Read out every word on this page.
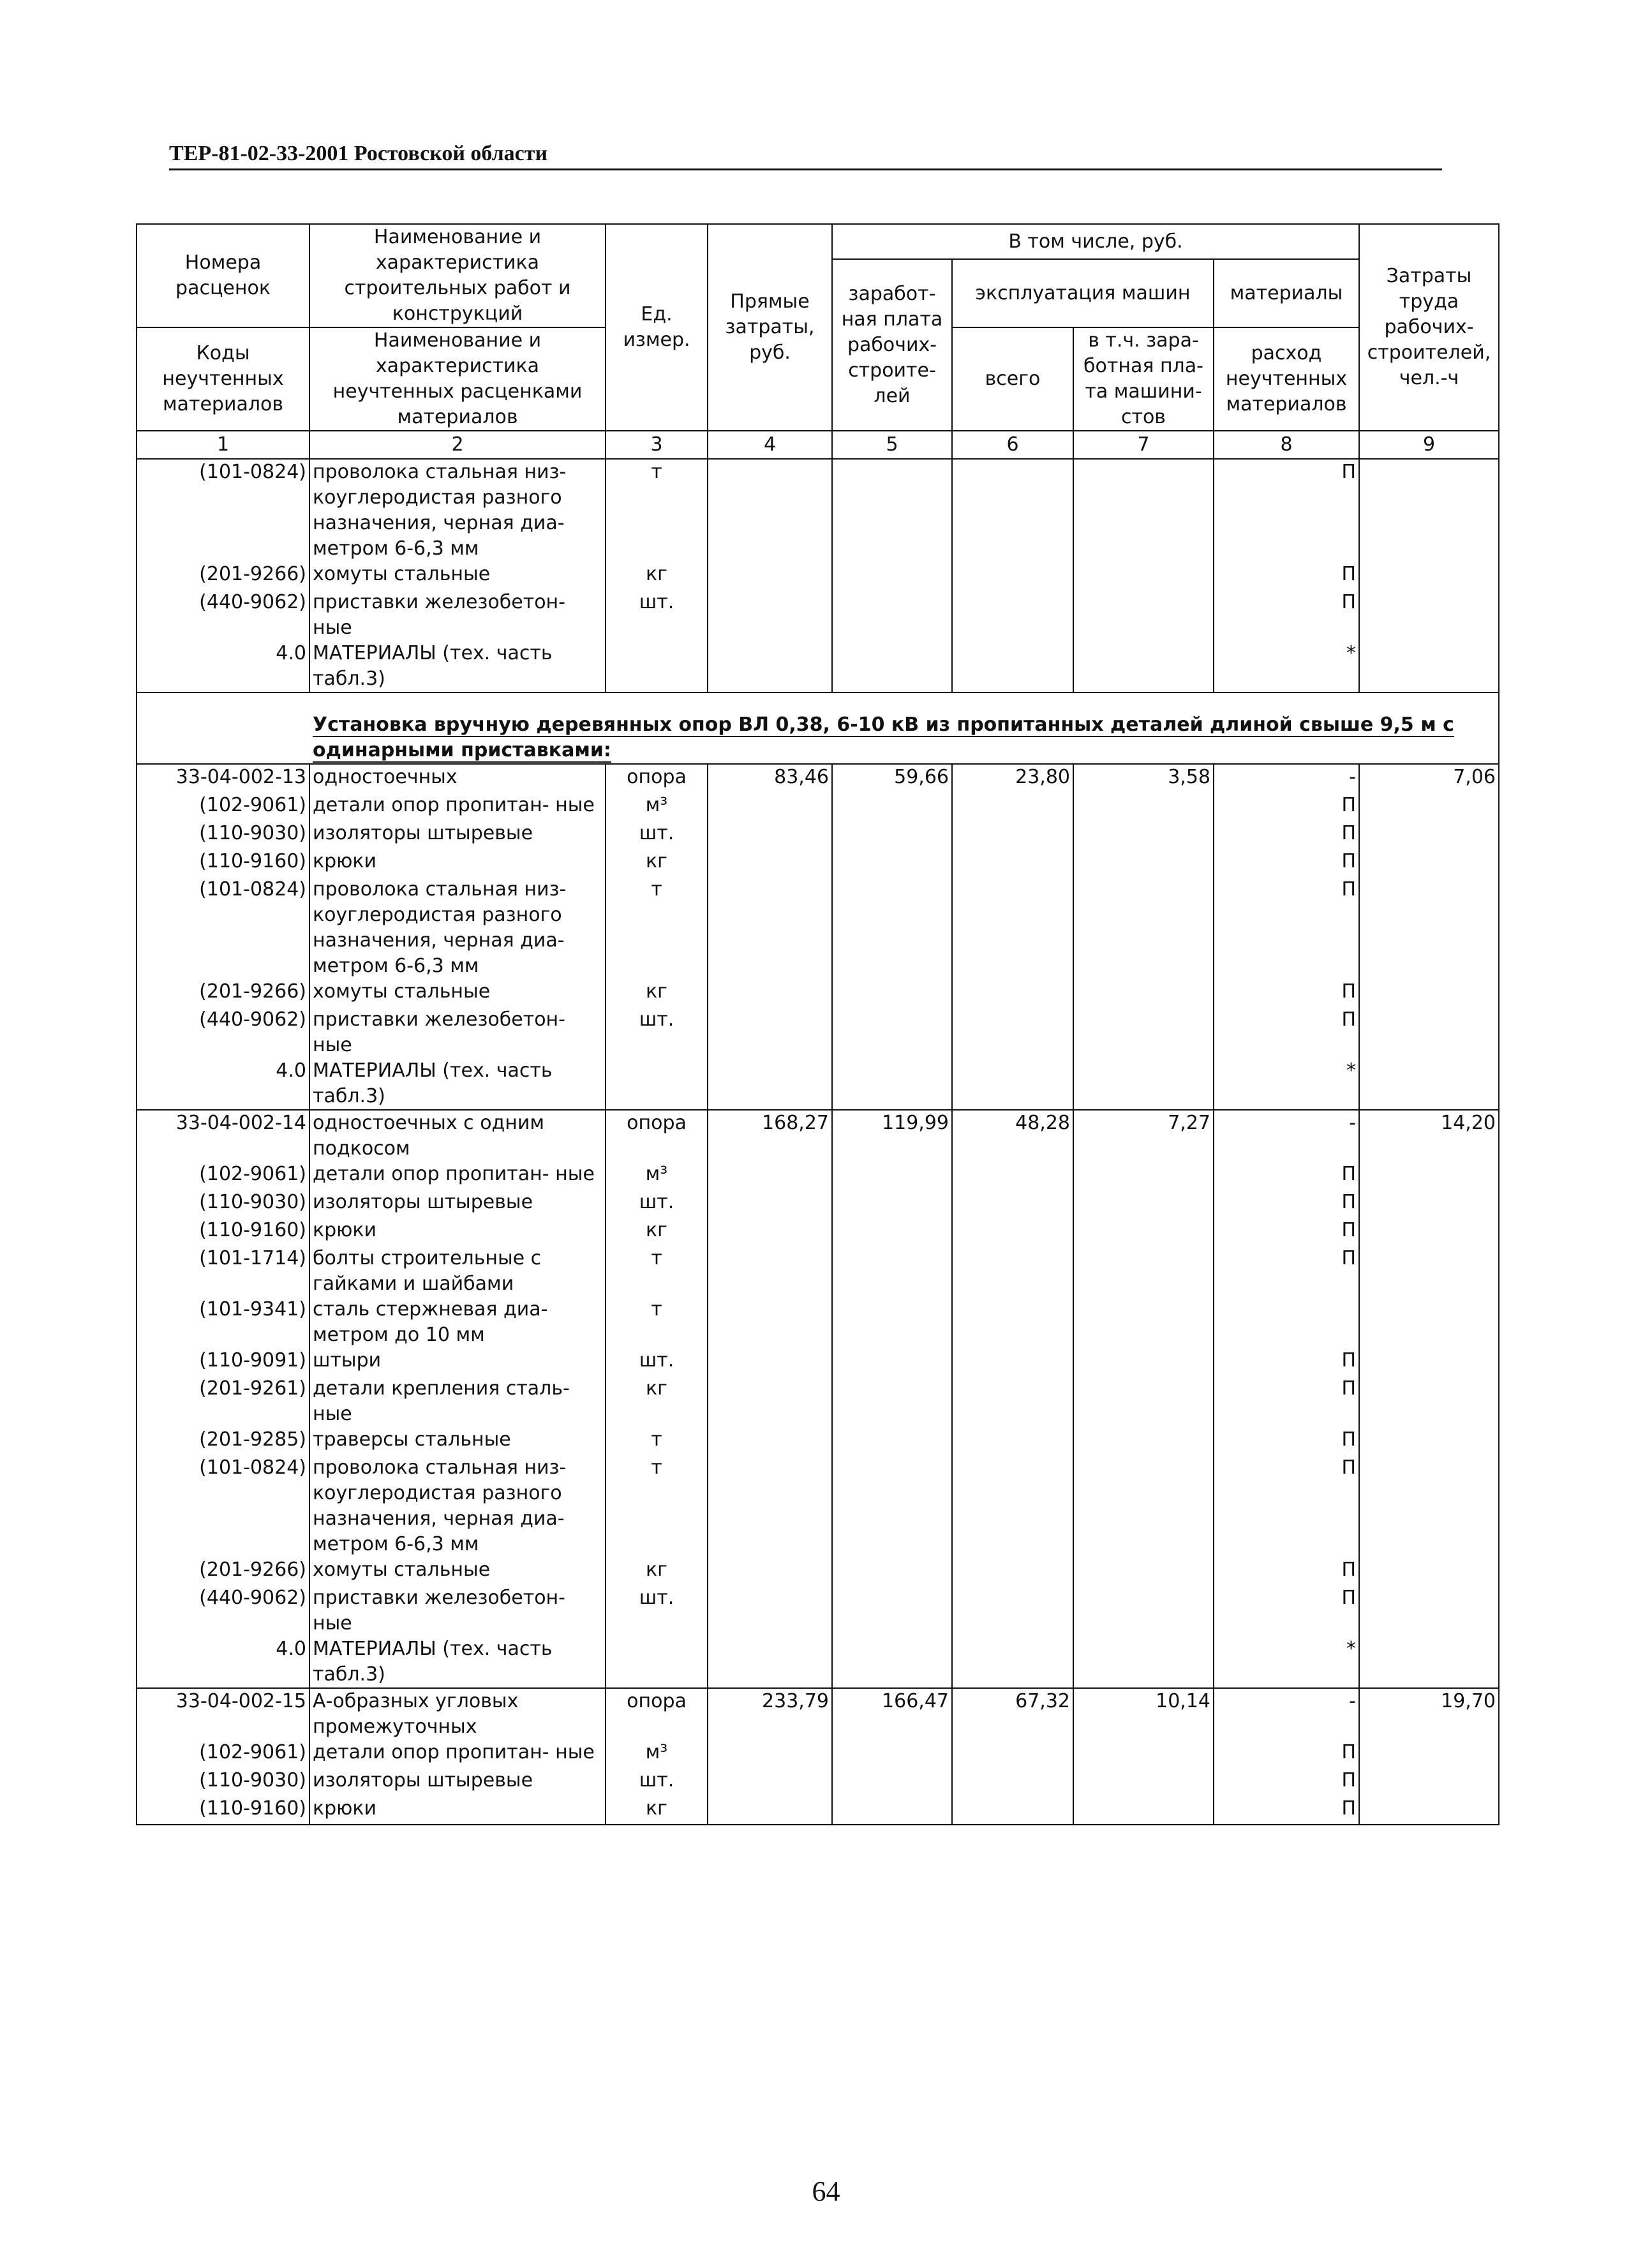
ТЕР-81-02-33-2001 Ростовской области
Номера расценок	Наименование и характеристика строительных работ и конструкций	Ед. измер.	Прямые затраты, руб.	В том числе, руб.				Затраты труда рабочих- строителей, чел.-ч
				заработ- ная плата рабочих- строите- лей	эксплуатация машин		материалы	
Коды неучтенных материалов	Наименование и характеристика неучтенных расценками материалов				всего	в т.ч. зара- ботная пла- та машини- стов	расход неучтенных материалов	

1	2	3	4	5	6	7	8	9
(101-0824)	проволока стальная низ- коуглеродистая разного назначения, черная диа- метром 6-6,3 мм	т					П	
(201-9266)	хомуты стальные	кг					П	
(440-9062)	приставки железобетон- ные	шт.					П	
4.0	МАТЕРИАЛЫ (тех. часть табл.3)						*	
Установка вручную деревянных опор ВЛ 0,38, 6-10 кВ из пропитанных деталей длиной свыше 9,5 м с одинарными приставками:								
33-04-002-13	одностоечных	опора	83,46	59,66	23,80	3,58	-	7,06
(102-9061)	детали опор пропитан- ные	м³					П	
(110-9030)	изоляторы штыревые	шт.					П	
(110-9160)	крюки	кг					П	
(101-0824)	проволока стальная низ- коуглеродистая разного назначения, черная диа- метром 6-6,3 мм	т					П	
(201-9266)	хомуты стальные	кг					П	
(440-9062)	приставки железобетон- ные	шт.					П	
4.0	МАТЕРИАЛЫ (тех. часть табл.3)						*	
33-04-002-14	одностоечных с одним подкосом	опора	168,27	119,99	48,28	7,27	-	14,20
(102-9061)	детали опор пропитан- ные	м³					П	
(110-9030)	изоляторы штыревые	шт.					П	
(110-9160)	крюки	кг					П	
(101-1714)	болты строительные с гайками и шайбами	т					П	
(101-9341)	сталь стержневая диа- метром до 10 мм	т						
(110-9091)	штыри	шт.					П	
(201-9261)	детали крепления сталь- ные	кг					П	
(201-9285)	траверсы стальные	т					П	
(101-0824)	проволока стальная низ- коуглеродистая разного назначения, черная диа- метром 6-6,3 мм	т					П	
(201-9266)	хомуты стальные	кг					П	
(440-9062)	приставки железобетон- ные	шт.					П	
4.0	МАТЕРИАЛЫ (тех. часть табл.3)						*	
33-04-002-15	А-образных угловых промежуточных	опора	233,79	166,47	67,32	10,14	-	19,70
(102-9061)	детали опор пропитан- ные	м³					П	
(110-9030)	изоляторы штыревые	шт.					П	
(110-9160)	крюки	кг					П	
64
